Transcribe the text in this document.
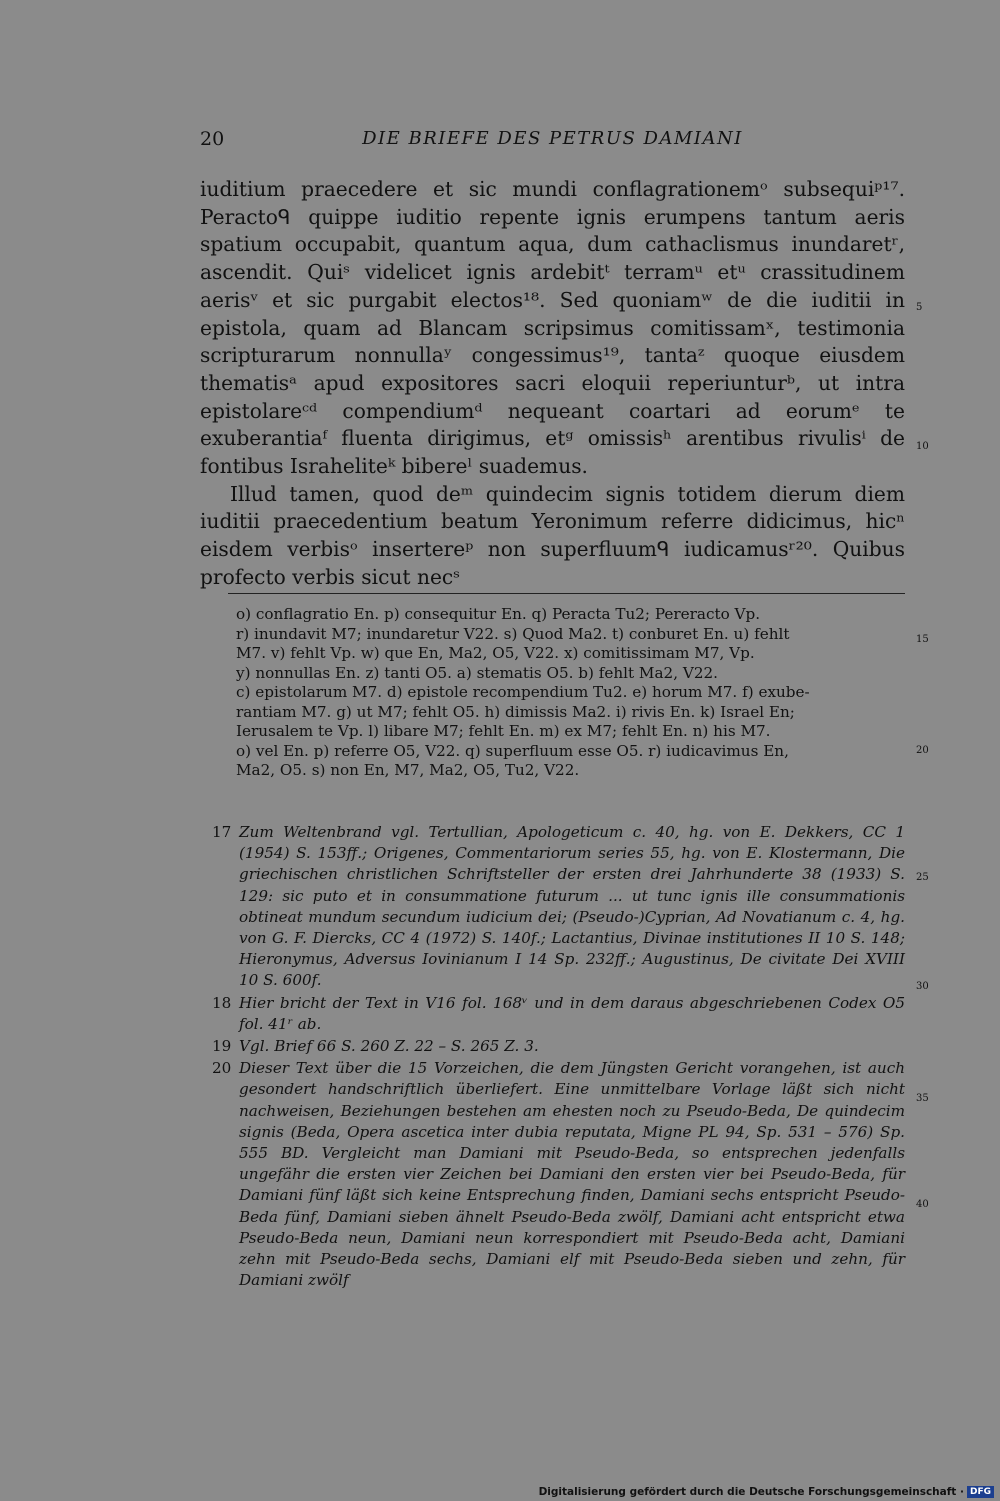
20	DIE BRIEFE DES PETRUS DAMIANI

iuditium praecedere et sic mundi conflagrationemᵒ subsequiᵖ¹⁷. Peractoᑫ quippe iuditio repente ignis erumpens tantum aeris spatium occupabit, quantum aqua, dum cathaclismus inundaretʳ, ascendit. Quiˢ videlicet ignis ardebitᵗ terramᵘ etᵘ crassitudinem aerisᵛ et sic purgabit electos¹⁸. Sed quoniamʷ de die iuditii in epistola, quam ad Blancam scripsimus comitissamˣ, testimonia scripturarum nonnullaʸ congessimus¹⁹, tantaᶻ quoque eiusdem thematisᵃ apud expositores sacri eloquii reperiunturᵇ, ut intra epistolareᶜᵈ compendiumᵈ nequeant coartari ad eorumᵉ te exuberantiaᶠ fluenta dirigimus, etᵍ omissisʰ arentibus rivulisⁱ de fontibus Israheliteᵏ bibereˡ suademus.

Illud tamen, quod deᵐ quindecim signis totidem dierum diem iuditii praecedentium beatum Yeronimum referre didicimus, hicⁿ eisdem verbisᵒ insertereᵖ non superfluumᑫ iudicamusʳ²⁰. Quibus profecto verbis sicut necˢ

5
10
15
20
25
30
35
40
o) conflagratio En. p) consequitur En. q) Peracta Tu2; Pereracto Vp.
r) inundavit M7; inundaretur V22. s) Quod Ma2. t) conburet En. u) fehlt
M7. v) fehlt Vp. w) que En, Ma2, O5, V22. x) comitissimam M7, Vp.
y) nonnullas En. z) tanti O5. a) stematis O5. b) fehlt Ma2, V22.
c) epistolarum M7. d) epistole recompendium Tu2. e) horum M7. f) exube-
rantiam M7. g) ut M7; fehlt O5. h) dimissis Ma2. i) rivis En. k) Israel En;
Ierusalem te Vp. l) libare M7; fehlt En. m) ex M7; fehlt En. n) his M7.
o) vel En. p) referre O5, V22. q) superfluum esse O5. r) iudicavimus En,
Ma2, O5. s) non En, M7, Ma2, O5, Tu2, V22.
17 Zum Weltenbrand vgl. Tertullian, Apologeticum c. 40, hg. von E. Dekkers, CC 1 (1954) S. 153ff.; Origenes, Commentariorum series 55, hg. von E. Klostermann, Die griechischen christlichen Schriftsteller der ersten drei Jahrhunderte 38 (1933) S. 129: sic puto et in consummatione futurum ... ut tunc ignis ille consummationis obtineat mundum secundum iudicium dei; (Pseudo-)Cyprian, Ad Novatianum c. 4, hg. von G. F. Diercks, CC 4 (1972) S. 140f.; Lactantius, Divinae institutiones II 10 S. 148; Hieronymus, Adversus Iovinianum I 14 Sp. 232ff.; Augustinus, De civitate Dei XVIII 10 S. 600f.
18 Hier bricht der Text in V16 fol. 168ᵛ und in dem daraus abgeschriebenen Codex O5 fol. 41ʳ ab.
19 Vgl. Brief 66 S. 260 Z. 22 – S. 265 Z. 3.
20 Dieser Text über die 15 Vorzeichen, die dem Jüngsten Gericht vorangehen, ist auch gesondert handschriftlich überliefert. Eine unmittelbare Vorlage läßt sich nicht nachweisen, Beziehungen bestehen am ehesten noch zu Pseudo-Beda, De quindecim signis (Beda, Opera ascetica inter dubia reputata, Migne PL 94, Sp. 531 – 576) Sp. 555 BD. Vergleicht man Damiani mit Pseudo-Beda, so entsprechen jedenfalls ungefähr die ersten vier Zeichen bei Damiani den ersten vier bei Pseudo-Beda, für Damiani fünf läßt sich keine Entsprechung finden, Damiani sechs entspricht Pseudo-Beda fünf, Damiani sieben ähnelt Pseudo-Beda zwölf, Damiani acht entspricht etwa Pseudo-Beda neun, Damiani neun korrespondiert mit Pseudo-Beda acht, Damiani zehn mit Pseudo-Beda sechs, Damiani elf mit Pseudo-Beda sieben und zehn, für Damiani zwölf
Digitalisierung gefördert durch die Deutsche Forschungsgemeinschaft · DFG
